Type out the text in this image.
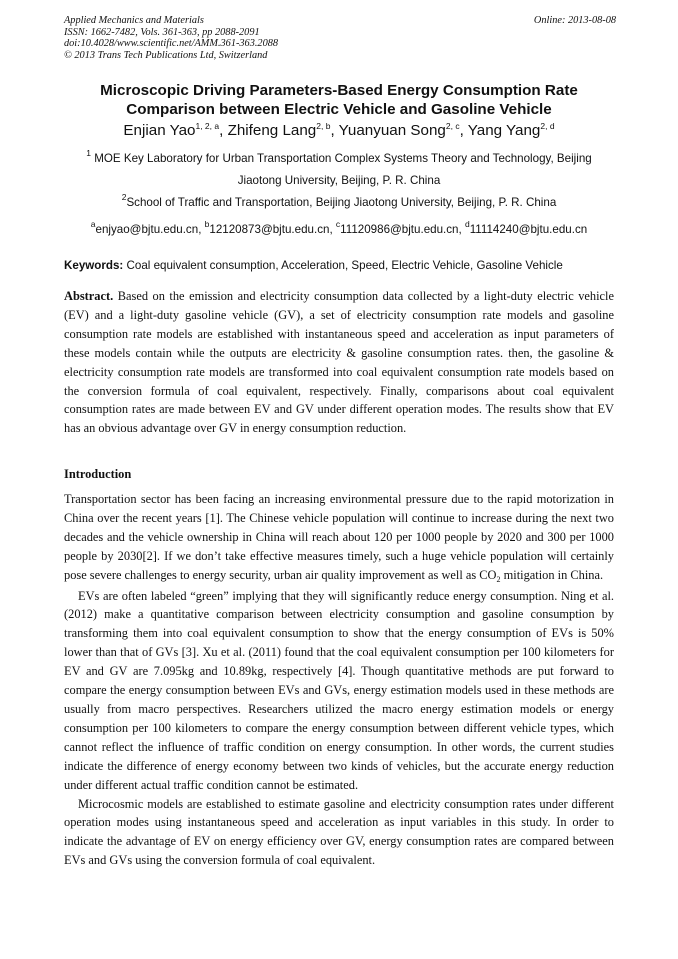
Applied Mechanics and Materials
ISSN: 1662-7482, Vols. 361-363, pp 2088-2091
doi:10.4028/www.scientific.net/AMM.361-363.2088
© 2013 Trans Tech Publications Ltd, Switzerland
Online: 2013-08-08
Microscopic Driving Parameters-Based Energy Consumption Rate
Comparison between Electric Vehicle and Gasoline Vehicle
Enjian Yao$^{1, 2, a}$, Zhifeng Lang$^{2, b}$, Yuanyuan Song$^{2, c}$, Yang Yang$^{2, d}$
$^1$ MOE Key Laboratory for Urban Transportation Complex Systems Theory and Technology, Beijing Jiaotong University, Beijing, P. R. China
$^2$School of Traffic and Transportation, Beijing Jiaotong University, Beijing, P. R. China
$^a$enjyao@bjtu.edu.cn, $^b$12120873@bjtu.edu.cn, $^c$11120986@bjtu.edu.cn, $^d$11114240@bjtu.edu.cn
Keywords: Coal equivalent consumption, Acceleration, Speed, Electric Vehicle, Gasoline Vehicle
Abstract. Based on the emission and electricity consumption data collected by a light-duty electric vehicle (EV) and a light-duty gasoline vehicle (GV), a set of electricity consumption rate models and gasoline consumption rate models are established with instantaneous speed and acceleration as input parameters of these models contain while the outputs are electricity & gasoline consumption rates. then, the gasoline & electricity consumption rate models are transformed into coal equivalent consumption rate models based on the conversion formula of coal equivalent, respectively. Finally, comparisons about coal equivalent consumption rates are made between EV and GV under different operation modes. The results show that EV has an obvious advantage over GV in energy consumption reduction.
Introduction

Transportation sector has been facing an increasing environmental pressure due to the rapid motorization in China over the recent years [1]. The Chinese vehicle population will continue to increase during the next two decades and the vehicle ownership in China will reach about 120 per 1000 people by 2020 and 300 per 1000 people by 2030[2]. If we don’t take effective measures timely, such a huge vehicle population will certainly pose severe challenges to energy security, urban air quality improvement as well as $CO_2$ mitigation in China.

EVs are often labeled “green” implying that they will significantly reduce energy consumption. Ning et al. (2012) make a quantitative comparison between electricity consumption and gasoline consumption by transforming them into coal equivalent consumption to show that the energy consumption of EVs is 50% lower than that of GVs [3]. Xu et al. (2011) found that the coal equivalent consumption per 100 kilometers for EV and GV are 7.095kg and 10.89kg, respectively [4]. Though quantitative methods are put forward to compare the energy consumption between EVs and GVs, energy estimation models used in these methods are usually from macro perspectives. Researchers utilized the macro energy estimation models or energy consumption per 100 kilometers to compare the energy consumption between different vehicle types, which cannot reflect the influence of traffic condition on energy consumption. In other words, the current studies indicate the difference of energy economy between two kinds of vehicles, but the accurate energy reduction under different actual traffic condition cannot be estimated.

Microcosmic models are established to estimate gasoline and electricity consumption rates under different operation modes using instantaneous speed and acceleration as input variables in this study. In order to indicate the advantage of EV on energy efficiency over GV, energy consumption rates are compared between EVs and GVs using the conversion formula of coal equivalent.
